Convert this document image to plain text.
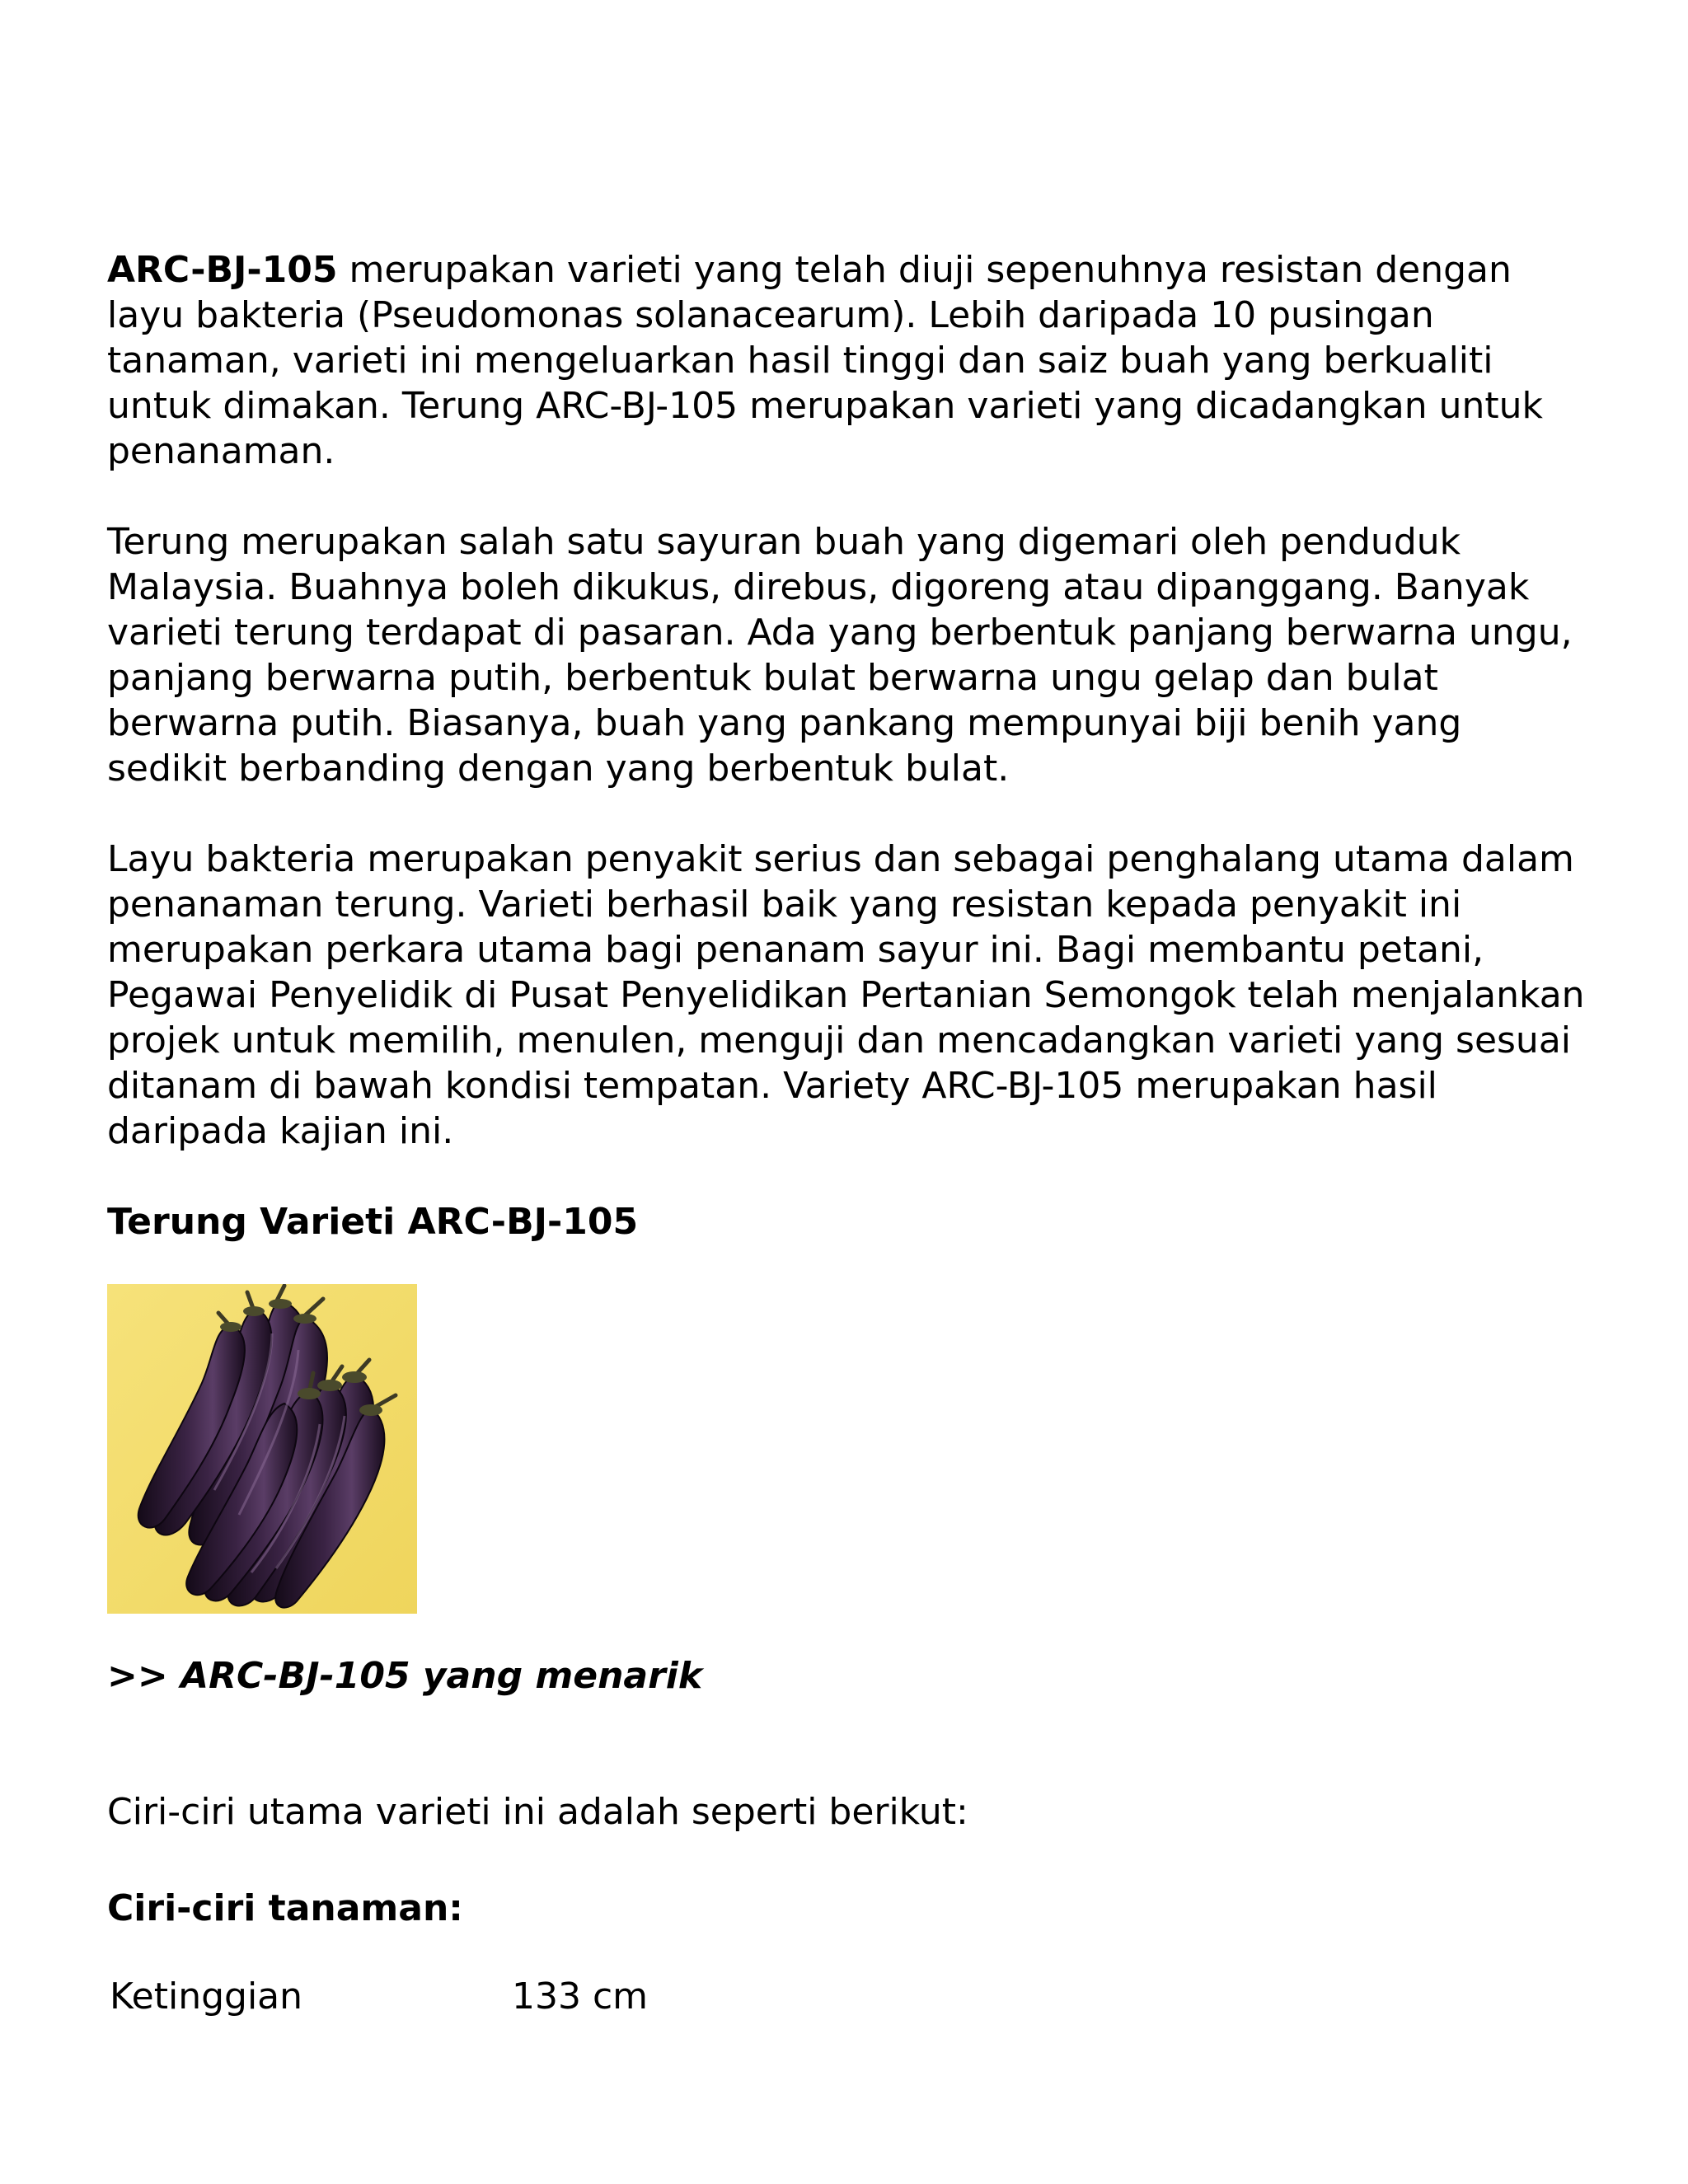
ARC-BJ-105 merupakan varieti yang telah diuji sepenuhnya resistan dengan layu bakteria (Pseudomonas solanacearum). Lebih daripada 10 pusingan tanaman, varieti ini mengeluarkan hasil tinggi dan saiz buah yang berkualiti untuk dimakan. Terung ARC-BJ-105 merupakan varieti yang dicadangkan untuk penanaman.

Terung merupakan salah satu sayuran buah yang digemari oleh penduduk Malaysia. Buahnya boleh dikukus, direbus, digoreng atau dipanggang. Banyak varieti terung terdapat di pasaran. Ada yang berbentuk panjang berwarna ungu, panjang berwarna putih, berbentuk bulat berwarna ungu gelap dan bulat berwarna putih. Biasanya, buah yang pankang mempunyai biji benih yang sedikit berbanding dengan yang berbentuk bulat.

Layu bakteria merupakan penyakit serius dan sebagai penghalang utama dalam penanaman terung. Varieti berhasil baik yang resistan kepada penyakit ini merupakan perkara utama bagi penanam sayur ini. Bagi membantu petani, Pegawai Penyelidik di Pusat Penyelidikan Pertanian Semongok telah menjalankan projek untuk memilih, menulen, menguji dan mencadangkan varieti yang sesuai ditanam di bawah kondisi tempatan. Variety ARC-BJ-105 merupakan hasil daripada kajian ini.

Terung Varieti ARC-BJ-105
>> ARC-BJ-105 yang menarik

Ciri-ciri utama varieti ini adalah seperti berikut:

Ciri-ciri tanaman:
Ketinggian	133 cm
